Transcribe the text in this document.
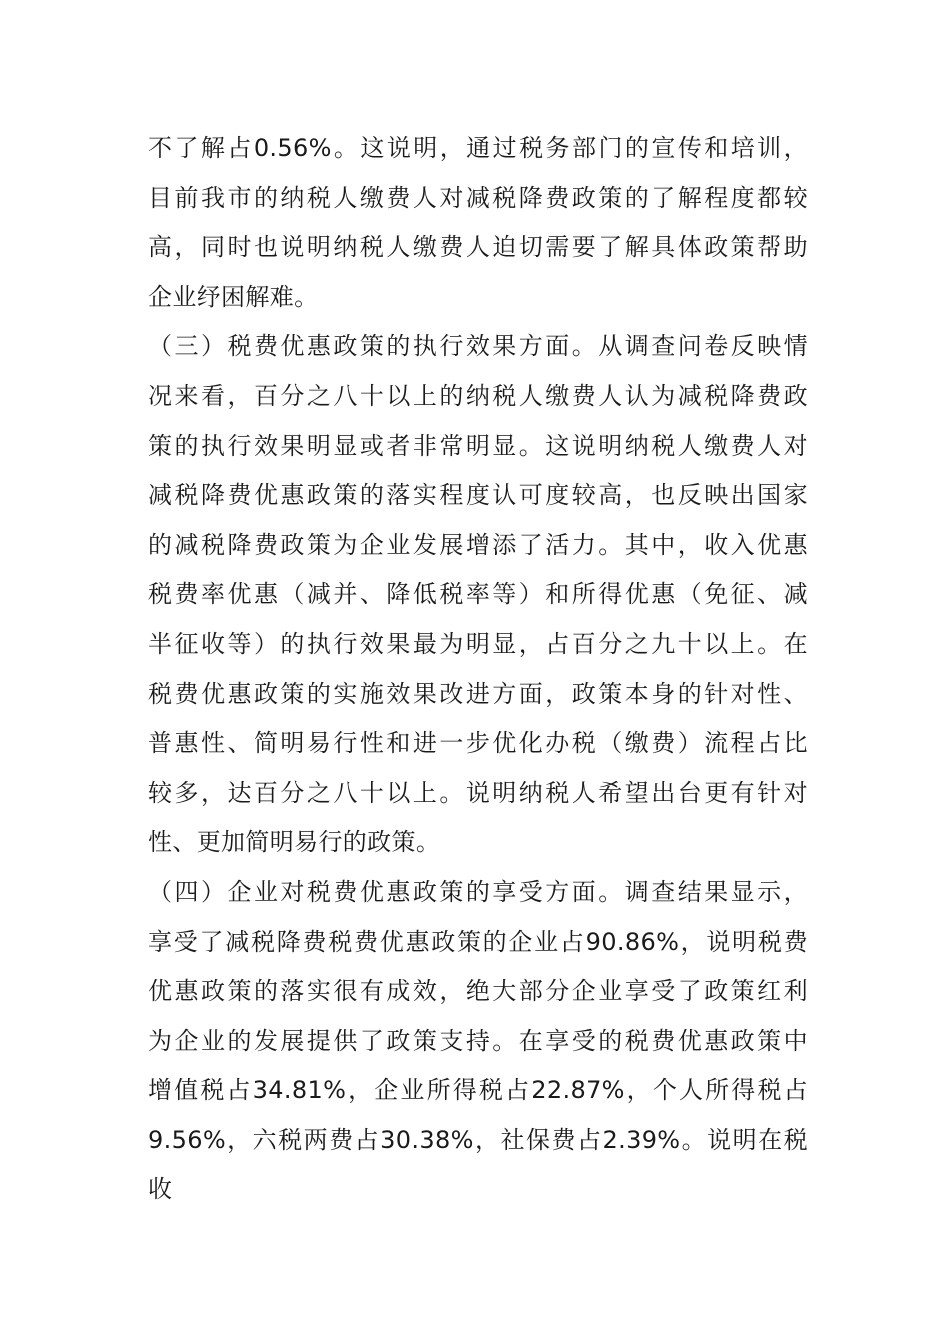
不了解占0.56%。这说明，通过税务部门的宣传和培训，
目前我市的纳税人缴费人对减税降费政策的了解程度都较
高，同时也说明纳税人缴费人迫切需要了解具体政策帮助
企业纾困解难。
（三）税费优惠政策的执行效果方面。从调查问卷反映情
况来看，百分之八十以上的纳税人缴费人认为减税降费政
策的执行效果明显或者非常明显。这说明纳税人缴费人对
减税降费优惠政策的落实程度认可度较高，也反映出国家
的减税降费政策为企业发展增添了活力。其中，收入优惠
税费率优惠（减并、降低税率等）和所得优惠（免征、减
半征收等）的执行效果最为明显，占百分之九十以上。在
税费优惠政策的实施效果改进方面，政策本身的针对性、
普惠性、简明易行性和进一步优化办税（缴费）流程占比
较多，达百分之八十以上。说明纳税人希望出台更有针对
性、更加简明易行的政策。
（四）企业对税费优惠政策的享受方面。调查结果显示，
享受了减税降费税费优惠政策的企业占90.86%，说明税费
优惠政策的落实很有成效，绝大部分企业享受了政策红利
为企业的发展提供了政策支持。在享受的税费优惠政策中
增值税占34.81%，企业所得税占22.87%，个人所得税占
9.56%，六税两费占30.38%，社保费占2.39%。说明在税
收
